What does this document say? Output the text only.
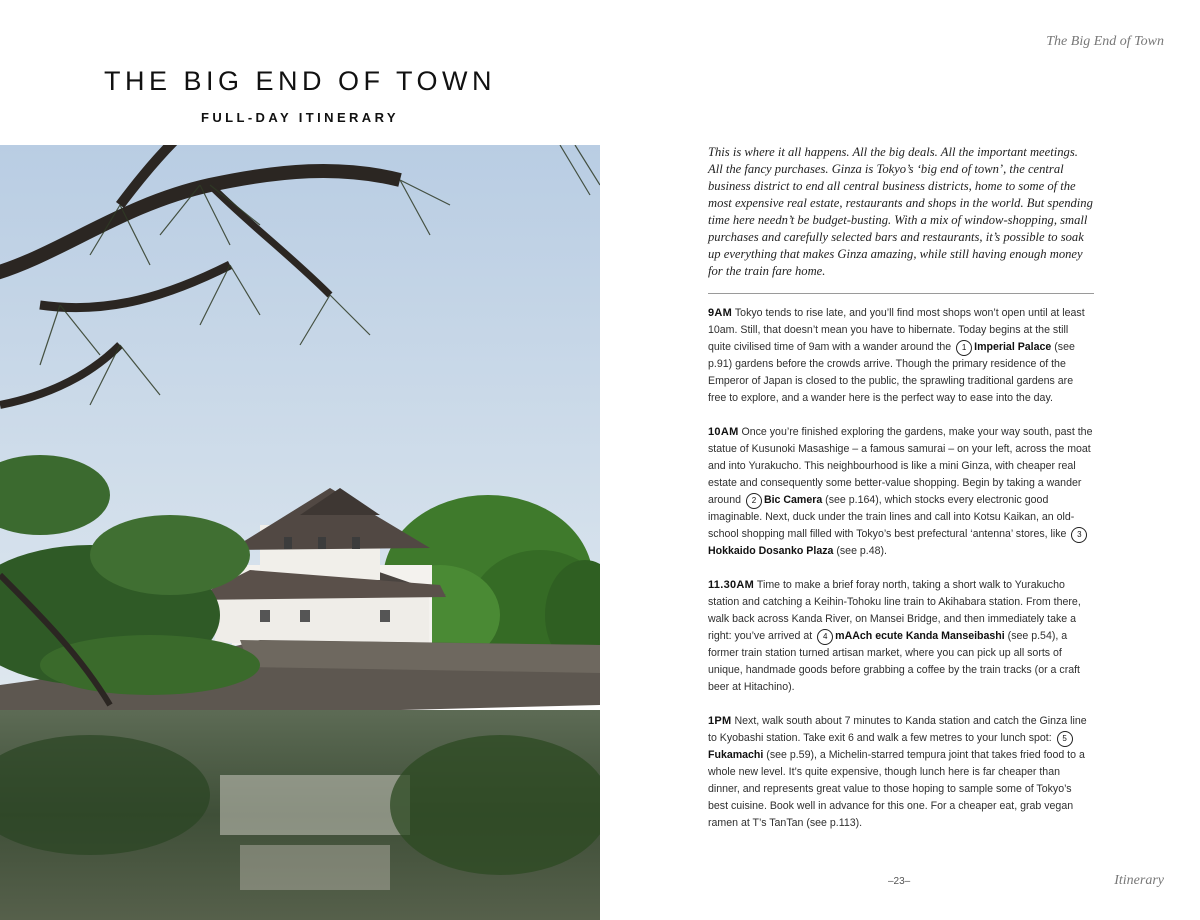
The Big End of Town
THE BIG END OF TOWN
FULL-DAY ITINERARY

This is where it all happens. All the big deals. All the important meetings. All the fancy purchases. Ginza is Tokyo’s ‘big end of town’, the central business district to end all central business districts, home to some of the most expensive real estate, restaurants and shops in the world. But spending time here needn’t be budget-busting. With a mix of window-shopping, small purchases and carefully selected bars and restaurants, it’s possible to soak up everything that makes Ginza amazing, while still having enough money for the train fare home.

9AM Tokyo tends to rise late, and you’ll find most shops won’t open until at least 10am. Still, that doesn’t mean you have to hibernate. Today begins at the still quite civilised time of 9am with a wander around the 1 Imperial Palace (see p.91) gardens before the crowds arrive. Though the primary residence of the Emperor of Japan is closed to the public, the sprawling traditional gardens are free to explore, and a wander here is the perfect way to ease into the day.

10AM Once you’re finished exploring the gardens, make your way south, past the statue of Kusunoki Masashige – a famous samurai – on your left, across the moat and into Yurakucho. This neighbourhood is like a mini Ginza, with cheaper real estate and consequently some better-value shopping. Begin by taking a wander around 2 Bic Camera (see p.164), which stocks every electronic good imaginable. Next, duck under the train lines and call into Kotsu Kaikan, an old-school shopping mall filled with Tokyo’s best prefectural ‘antenna’ stores, like 3Hokkaido Dosanko Plaza (see p.48).

11.30AM Time to make a brief foray north, taking a short walk to Yurakucho station and catching a Keihin-Tohoku line train to Akihabara station. From there, walk back across Kanda River, on Mansei Bridge, and then immediately take a right: you’ve arrived at 4 mAAch ecute Kanda Manseibashi (see p.54), a former train station turned artisan market, where you can pick up all sorts of unique, handmade goods before grabbing a coffee by the train tracks (or a craft beer at Hitachino).

1PM Next, walk south about 7 minutes to Kanda station and catch the Ginza line to Kyobashi station. Take exit 6 and walk a few metres to your lunch spot: 5Fukamachi (see p.59), a Michelin-starred tempura joint that takes fried food to a whole new level. It’s quite expensive, though lunch here is far cheaper than dinner, and represents great value to those hoping to sample some of Tokyo’s best cuisine. Book well in advance for this one. For a cheaper eat, grab vegan ramen at T’s TanTan (see p.113).

–23–	Itinerary
